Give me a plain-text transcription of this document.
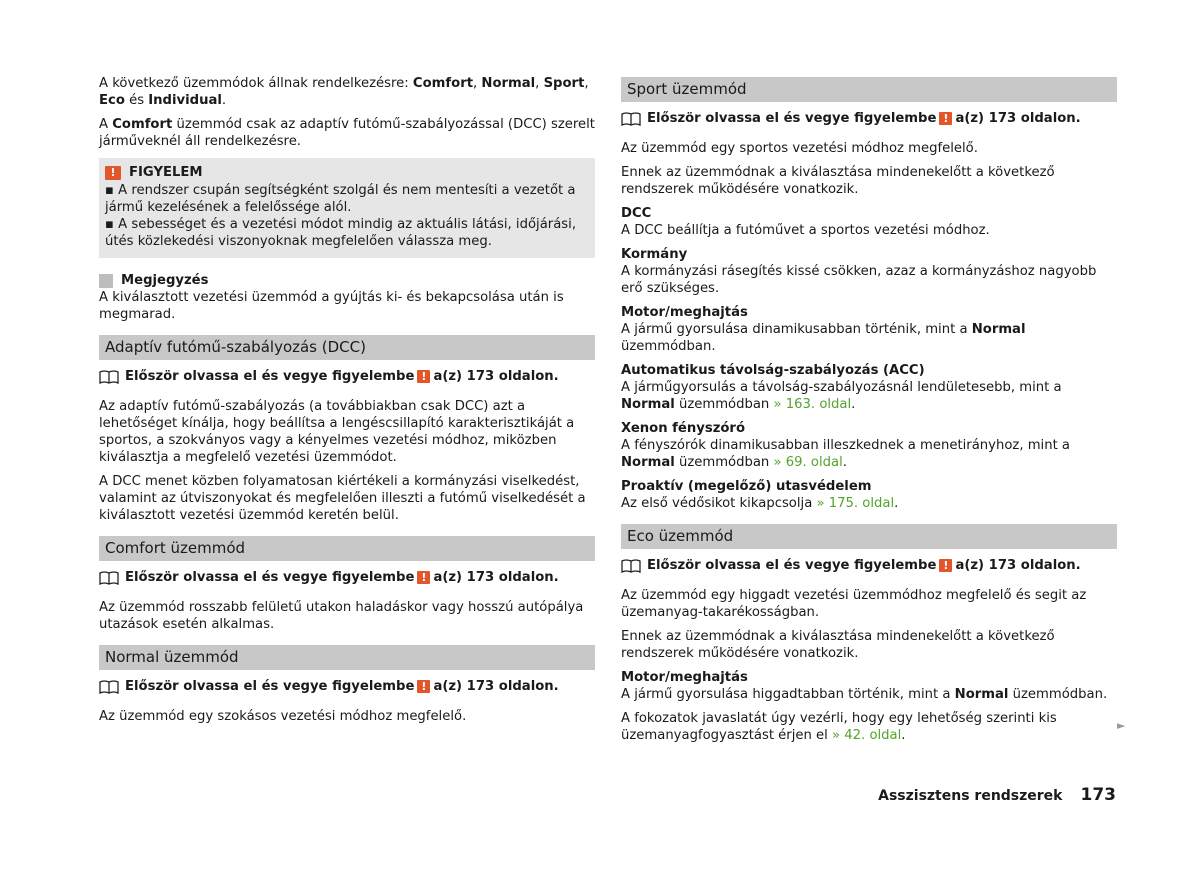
A következő üzemmódok állnak rendelkezésre: Comfort, Normal, Sport, Eco és Individual.

A Comfort üzemmód csak az adaptív futómű-szabályozással (DCC) szerelt járműveknél áll rendelkezésre.

!	FIGYELEM
▪ A rendszer csupán segítségként szolgál és nem mentesíti a vezetőt a jármű kezelésének a felelőssége alól.
▪ A sebességet és a vezetési módot mindig az aktuális látási, időjárási, útés közlekedési viszonyoknak megfelelően válassza meg.
Megjegyzés

A kiválasztott vezetési üzemmód a gyújtás ki- és bekapcsolása után is megmarad.

Adaptív futómű-szabályozás (DCC)
Először olvassa el és vegye figyelembe ! a(z) 173 oldalon.

Az adaptív futómű-szabályozás (a továbbiakban csak DCC) azt a lehetőséget kínálja, hogy beállítsa a lengéscsillapító karakterisztikáját a sportos, a szokványos vagy a kényelmes vezetési módhoz, miközben kiválasztja a megfelelő vezetési üzemmódot.

A DCC menet közben folyamatosan kiértékeli a kormányzási viselkedést, valamint az útviszonyokat és megfelelően illeszti a futómű viselkedését a kiválasztott vezetési üzemmód keretén belül.

Comfort üzemmód
Először olvassa el és vegye figyelembe ! a(z) 173 oldalon.

Az üzemmód rosszabb felületű utakon haladáskor vagy hosszú autópálya utazások esetén alkalmas.

Normal üzemmód
Először olvassa el és vegye figyelembe ! a(z) 173 oldalon.

Az üzemmód egy szokásos vezetési módhoz megfelelő.

Sport üzemmód
Először olvassa el és vegye figyelembe ! a(z) 173 oldalon.

Az üzemmód egy sportos vezetési módhoz megfelelő.

Ennek az üzemmódnak a kiválasztása mindenekelőtt a következő rendszerek működésére vonatkozik.

DCC
A DCC beállítja a futóművet a sportos vezetési módhoz.
Kormány
A kormányzási rásegítés kissé csökken, azaz a kormányzáshoz nagyobb erő szükséges.
Motor/meghajtás
A jármű gyorsulása dinamikusabban történik, mint a Normal üzemmódban.
Automatikus távolság-szabályozás (ACC)
A járműgyorsulás a távolság-szabályozásnál lendületesebb, mint a Normal üzemmódban » 163. oldal.
Xenon fényszóró
A fényszórók dinamikusabban illeszkednek a menetirányhoz, mint a Normal üzemmódban » 69. oldal.
Proaktív (megelőző) utasvédelem
Az első védősikot kikapcsolja » 175. oldal.
Eco üzemmód
Először olvassa el és vegye figyelembe ! a(z) 173 oldalon.

Az üzemmód egy higgadt vezetési üzemmódhoz megfelelő és segit az üzemanyag-takarékosságban.

Ennek az üzemmódnak a kiválasztása mindenekelőtt a következő rendszerek működésére vonatkozik.

Motor/meghajtás
A jármű gyorsulása higgadtabban történik, mint a Normal üzemmódban.

A fokozatok javaslatát úgy vezérli, hogy egy lehetőség szerinti kis üzemanyagfogyasztást érjen el » 42. oldal.

►
Asszisztens rendszerek 173
